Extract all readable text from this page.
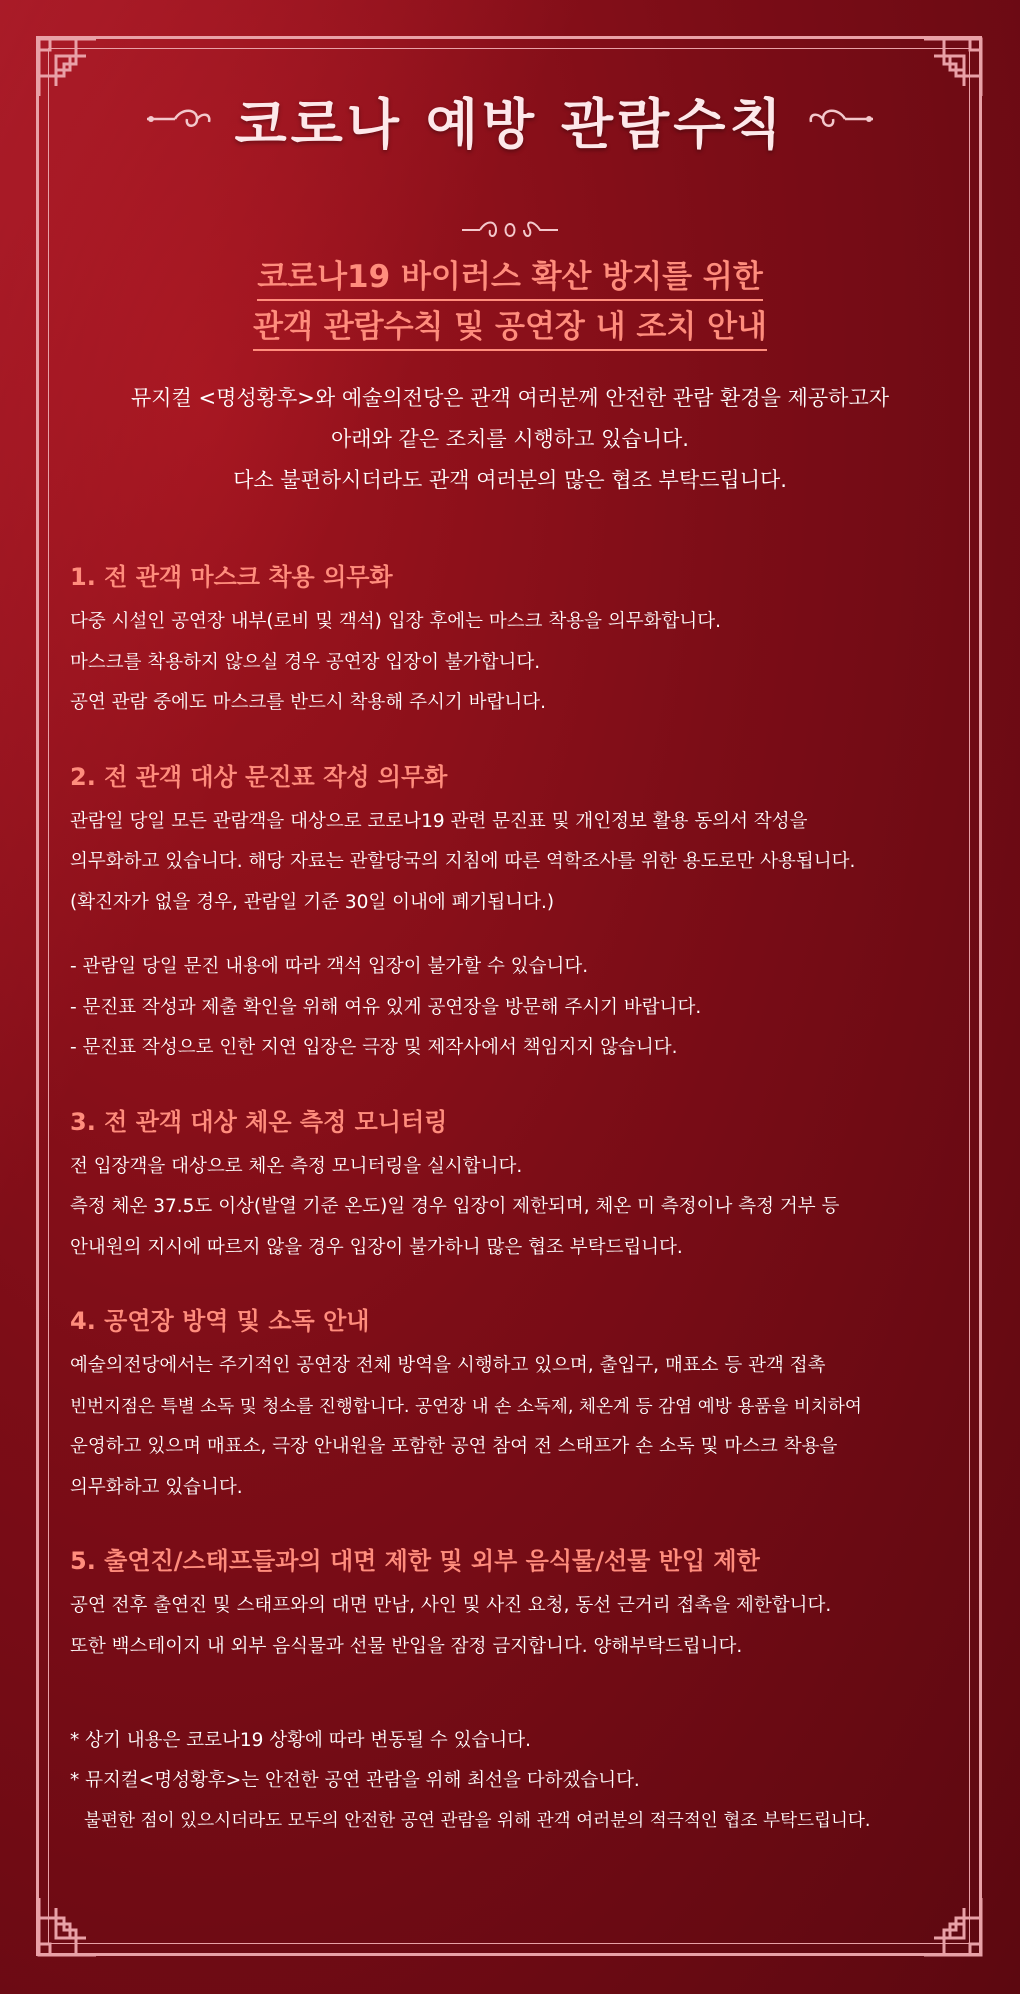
코로나 예방 관람수칙
코로나19 바이러스 확산 방지를 위한
관객 관람수칙 및 공연장 내 조치 안내
뮤지컬 <명성황후>와 예술의전당은 관객 여러분께 안전한 관람 환경을 제공하고자
아래와 같은 조치를 시행하고 있습니다.
다소 불편하시더라도 관객 여러분의 많은 협조 부탁드립니다.
1. 전 관객 마스크 착용 의무화
다중 시설인 공연장 내부(로비 및 객석) 입장 후에는 마스크 착용을 의무화합니다.
마스크를 착용하지 않으실 경우 공연장 입장이 불가합니다.
공연 관람 중에도 마스크를 반드시 착용해 주시기 바랍니다.
2. 전 관객 대상 문진표 작성 의무화
관람일 당일 모든 관람객을 대상으로 코로나19 관련 문진표 및 개인정보 활용 동의서 작성을
의무화하고 있습니다. 해당 자료는 관할당국의 지침에 따른 역학조사를 위한 용도로만 사용됩니다.
(확진자가 없을 경우, 관람일 기준 30일 이내에 폐기됩니다.)
- 관람일 당일 문진 내용에 따라 객석 입장이 불가할 수 있습니다.
- 문진표 작성과 제출 확인을 위해 여유 있게 공연장을 방문해 주시기 바랍니다.
- 문진표 작성으로 인한 지연 입장은 극장 및 제작사에서 책임지지 않습니다.
3. 전 관객 대상 체온 측정 모니터링
전 입장객을 대상으로 체온 측정 모니터링을 실시합니다.
측정 체온 37.5도 이상(발열 기준 온도)일 경우 입장이 제한되며, 체온 미 측정이나 측정 거부 등
안내원의 지시에 따르지 않을 경우 입장이 불가하니 많은 협조 부탁드립니다.
4. 공연장 방역 및 소독 안내
예술의전당에서는 주기적인 공연장 전체 방역을 시행하고 있으며, 출입구, 매표소 등 관객 접촉
빈번지점은 특별 소독 및 청소를 진행합니다. 공연장 내 손 소독제, 체온계 등 감염 예방 용품을 비치하여
운영하고 있으며 매표소, 극장 안내원을 포함한 공연 참여 전 스태프가 손 소독 및 마스크 착용을
의무화하고 있습니다.
5. 출연진/스태프들과의 대면 제한 및 외부 음식물/선물 반입 제한
공연 전후 출연진 및 스태프와의 대면 만남, 사인 및 사진 요청, 동선 근거리 접촉을 제한합니다.
또한 백스테이지 내 외부 음식물과 선물 반입을 잠정 금지합니다. 양해부탁드립니다.
* 상기 내용은 코로나19 상황에 따라 변동될 수 있습니다.
* 뮤지컬<명성황후>는 안전한 공연 관람을 위해 최선을 다하겠습니다.
불편한 점이 있으시더라도 모두의 안전한 공연 관람을 위해 관객 여러분의 적극적인 협조 부탁드립니다.
